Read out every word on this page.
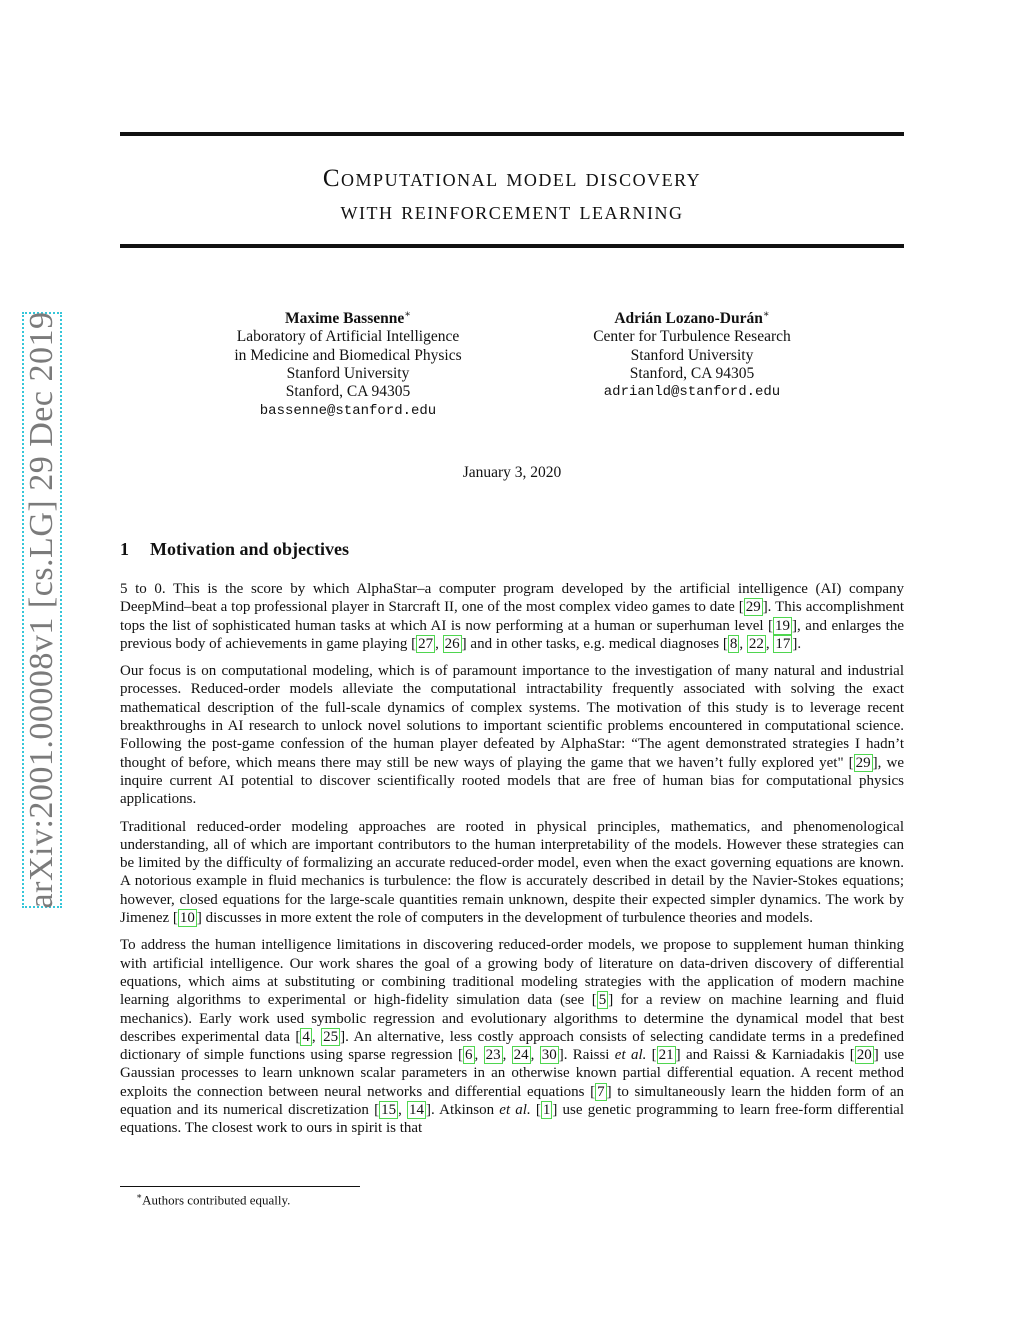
arXiv:2001.00008v1 [cs.LG] 29 Dec 2019
Computational model discovery
with reinforcement learning
Maxime Bassenne∗
Laboratory of Artificial Intelligence
in Medicine and Biomedical Physics
Stanford University
Stanford, CA 94305
bassenne@stanford.edu
Adrián Lozano-Durán∗
Center for Turbulence Research
Stanford University
Stanford, CA 94305
adrianld@stanford.edu
January 3, 2020
1 Motivation and objectives

5 to 0. This is the score by which AlphaStar–a computer program developed by the artificial intelligence (AI) company DeepMind–beat a top professional player in Starcraft II, one of the most complex video games to date [ 29 ]. This accomplishment tops the list of sophisticated human tasks at which AI is now performing at a human or superhuman level [ 19 ], and enlarges the previous body of achievements in game playing [ 27 , 26 ] and in other tasks, e.g. medical diagnoses [ 8 , 22 , 17 ].

Our focus is on computational modeling, which is of paramount importance to the investigation of many natural and industrial processes. Reduced-order models alleviate the computational intractability frequently associated with solving the exact mathematical description of the full-scale dynamics of complex systems. The motivation of this study is to leverage recent breakthroughs in AI research to unlock novel solutions to important scientific problems encountered in computational science. Following the post-game confession of the human player defeated by AlphaStar: “The agent demonstrated strategies I hadn’t thought of before, which means there may still be new ways of playing the game that we haven’t fully explored yet" [ 29 ], we inquire current AI potential to discover scientifically rooted models that are free of human bias for computational physics applications.

Traditional reduced-order modeling approaches are rooted in physical principles, mathematics, and phenomenological understanding, all of which are important contributors to the human interpretability of the models. However these strategies can be limited by the difficulty of formalizing an accurate reduced-order model, even when the exact governing equations are known. A notorious example in fluid mechanics is turbulence: the flow is accurately described in detail by the Navier-Stokes equations; however, closed equations for the large-scale quantities remain unknown, despite their expected simpler dynamics. The work by Jimenez [ 10 ] discusses in more extent the role of computers in the development of turbulence theories and models.

To address the human intelligence limitations in discovering reduced-order models, we propose to supplement human thinking with artificial intelligence. Our work shares the goal of a growing body of literature on data-driven discovery of differential equations, which aims at substituting or combining traditional modeling strategies with the application of modern machine learning algorithms to experimental or high-fidelity simulation data (see [ 5 ] for a review on machine learning and fluid mechanics). Early work used symbolic regression and evolutionary algorithms to determine the dynamical model that best describes experimental data [ 4 , 25 ]. An alternative, less costly approach consists of selecting candidate terms in a predefined dictionary of simple functions using sparse regression [ 6 , 23 , 24 , 30 ]. Raissi et al. [ 21 ] and Raissi & Karniadakis [ 20 ] use Gaussian processes to learn unknown scalar parameters in an otherwise known partial differential equation. A recent method exploits the connection between neural networks and differential equations [ 7 ] to simultaneously learn the hidden form of an equation and its numerical discretization [ 15 , 14 ]. Atkinson et al. [ 1 ] use genetic programming to learn free-form differential equations. The closest work to ours in spirit is that

∗Authors contributed equally.
